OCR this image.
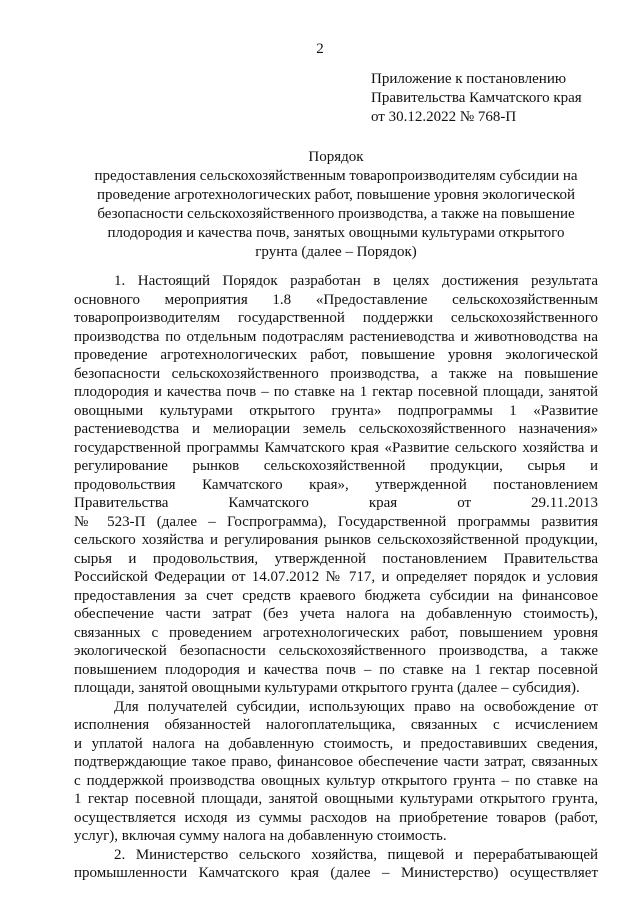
2
Приложение к постановлению
Правительства Камчатского края
от 30.12.2022 № 768-П
Порядок
предоставления сельскохозяйственным товаропроизводителям субсидии на
проведение агротехнологических работ, повышение уровня экологической
безопасности сельскохозяйственного производства, а также на повышение
плодородия и качества почв, занятых овощными культурами открытого
грунта (далее – Порядок)
1. Настоящий Порядок разработан в целях достижения результата
основного мероприятия 1.8 «Предоставление сельскохозяйственным
товаропроизводителям государственной поддержки сельскохозяйственного
производства по отдельным подотраслям растениеводства и животноводства на
проведение агротехнологических работ, повышение уровня экологической
безопасности сельскохозяйственного производства, а также на повышение
плодородия и качества почв – по ставке на 1 гектар посевной площади, занятой
овощными культурами открытого грунта» подпрограммы 1 «Развитие
растениеводства и мелиорации земель сельскохозяйственного назначения»
государственной программы Камчатского края «Развитие сельского хозяйства и
регулирование рынков сельскохозяйственной продукции, сырья и
продовольствия Камчатского края», утвержденной постановлением
Правительства Камчатского края от 29.11.2013
№ 523-П (далее – Госпрограмма), Государственной программы развития
сельского хозяйства и регулирования рынков сельскохозяйственной продукции,
сырья и продовольствия, утвержденной постановлением Правительства
Российской Федерации от 14.07.2012 № 717, и определяет порядок и условия
предоставления за счет средств краевого бюджета субсидии на финансовое
обеспечение части затрат (без учета налога на добавленную стоимость),
связанных с проведением агротехнологических работ, повышением уровня
экологической безопасности сельскохозяйственного производства, а также
повышением плодородия и качества почв – по ставке на 1 гектар посевной
площади, занятой овощными культурами открытого грунта (далее – субсидия).
Для получателей субсидии, использующих право на освобождение от
исполнения обязанностей налогоплательщика, связанных с исчислением
и уплатой налога на добавленную стоимость, и предоставивших сведения,
подтверждающие такое право, финансовое обеспечение части затрат, связанных
с поддержкой производства овощных культур открытого грунта – по ставке на
1 гектар посевной площади, занятой овощными культурами открытого грунта,
осуществляется исходя из суммы расходов на приобретение товаров (работ,
услуг), включая сумму налога на добавленную стоимость.
2. Министерство сельского хозяйства, пищевой и перерабатывающей
промышленности Камчатского края (далее – Министерство) осуществляет
